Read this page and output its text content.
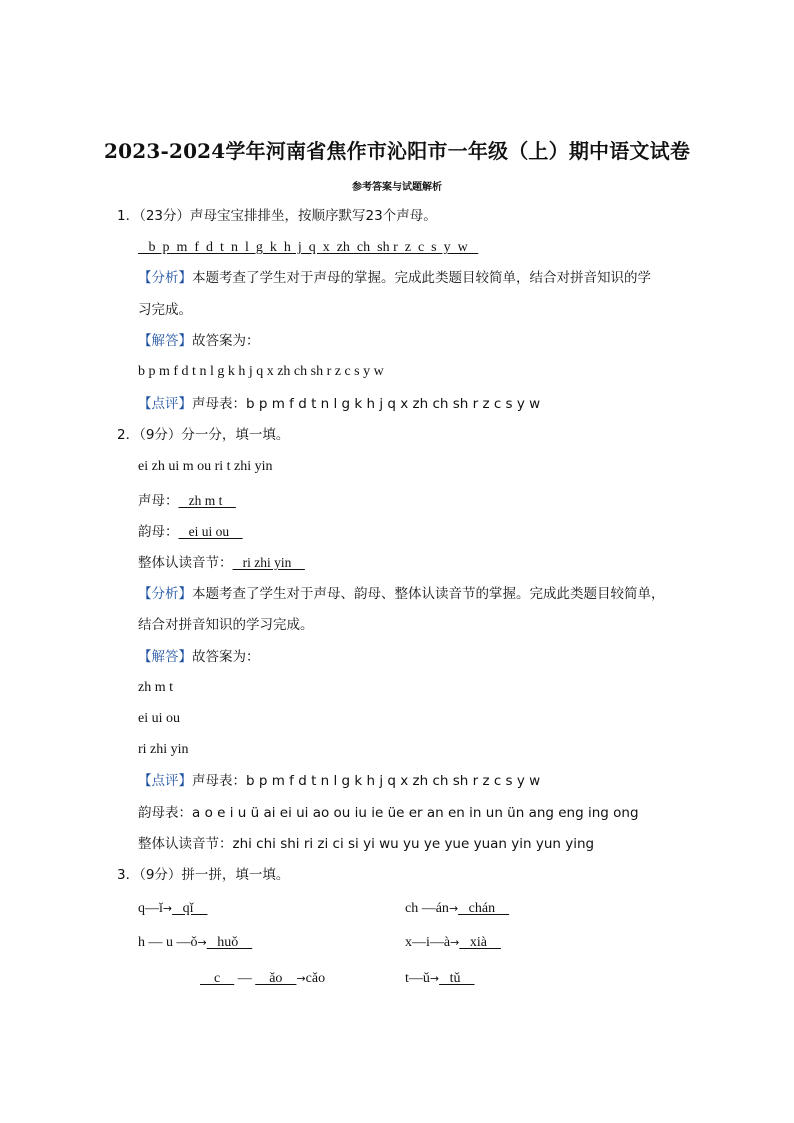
2023-2024学年河南省焦作市沁阳市一年级（上）期中语文试卷
参考答案与试题解析
1．（23分）声母宝宝排排坐，按顺序默写23个声母。
b  p  m  f  d  t  n  l  g  k  h  j  q  x  zh  ch  sh r  z  c  s  y  w
【分析】本题考查了学生对于声母的掌握。完成此类题目较简单，结合对拼音知识的学
习完成。
【解答】故答案为：
b p m f d t n l g k h j q x zh ch sh r z c s y w
【点评】声母表：b p m f d t n l g k h j q x zh ch sh r z c s y w
2．（9分）分一分，填一填。
ei zh ui m ou ri t zhi yin
声母：   zh m t
韵母：   ei ui ou
整体认读音节：   ri zhi yin
【分析】本题考查了学生对于声母、韵母、整体认读音节的掌握。完成此类题目较简单，
结合对拼音知识的学习完成。
【解答】故答案为：
zh m t
ei ui ou
ri zhi yin
【点评】声母表：b p m f d t n l g k h j q x zh ch sh r z c s y w
韵母表：a o e i u ü ai ei ui ao ou iu ie üe er an en in un ün ang eng ing ong
整体认读音节：zhi chi shi ri zi ci si yi wu yu ye yue yuan yin yun ying
3．（9分）拼一拼，填一填。
q—ǐ→   qǐ	ch —án→   chán
h — u —ǒ→   huǒ	x—i—à→   xià
c     —     ǎo    →cǎo	t—ǔ→   tǔ
